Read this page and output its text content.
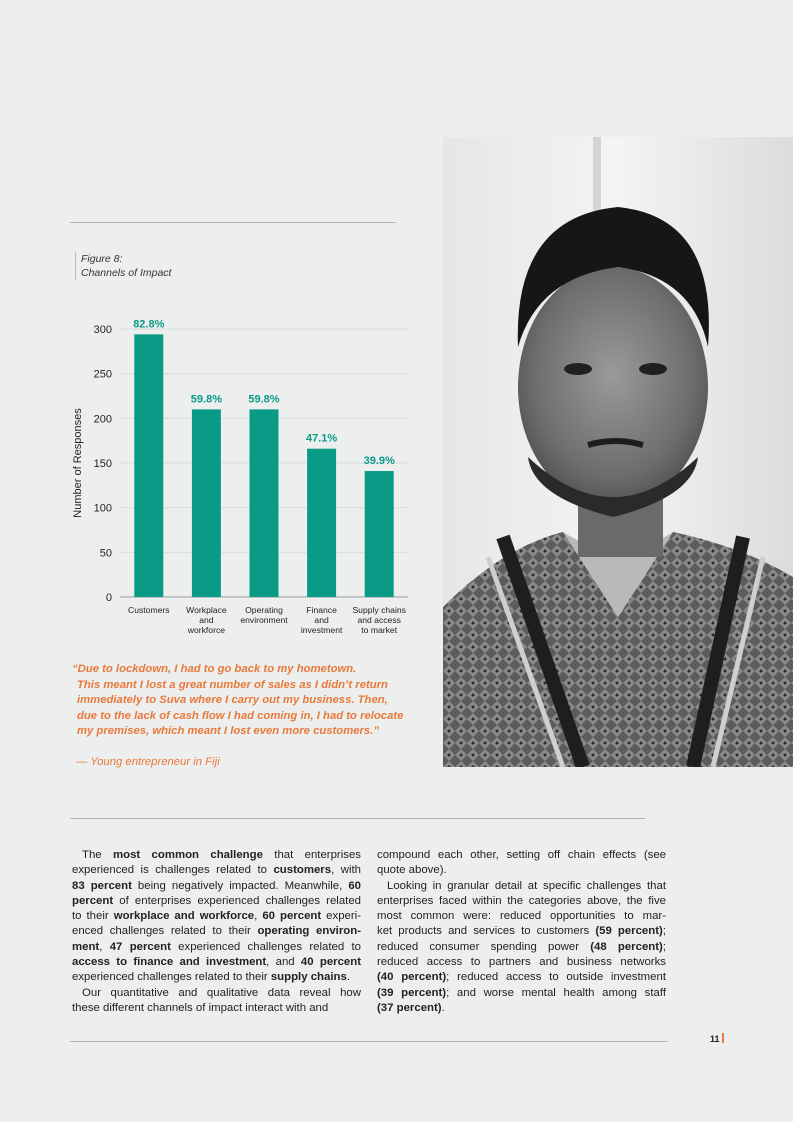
Figure 8:
Channels of Impact
0
50
100
150
200
250
300
Number of Responses
82.8%
Customers
59.8%
Workplace
and
workforce
59.8%
Operating
environment
47.1%
Finance
and
investment
39.9%
Supply chains
and access
to market
“Due to lockdown, I had to go back to my hometown.
This meant I lost a great number of sales as I didn’t return
immediately to Suva where I carry out my business. Then,
due to the lack of cash flow I had coming in, I had to relocate
my premises, which meant I lost even more customers.”
— Young entrepreneur in Fiji
The most common challenge that enterprises
experienced is challenges related to customers, with
83 percent being negatively impacted. Meanwhile, 60
percent of enterprises experienced challenges related
to their workplace and workforce, 60 percent experi-
enced challenges related to their operating environ-
ment, 47 percent experienced challenges related to
access to finance and investment, and 40 percent
experienced challenges related to their supply chains.
Our quantitative and qualitative data reveal how
these different channels of impact interact with and
compound each other, setting off chain effects (see
quote above).
Looking in granular detail at specific challenges that
enterprises faced within the categories above, the five
most common were: reduced opportunities to mar-
ket products and services to customers (59 percent);
reduced consumer spending power (48 percent);
reduced access to partners and business networks
(40 percent); reduced access to outside investment
(39 percent); and worse mental health among staff
(37 percent).
11
